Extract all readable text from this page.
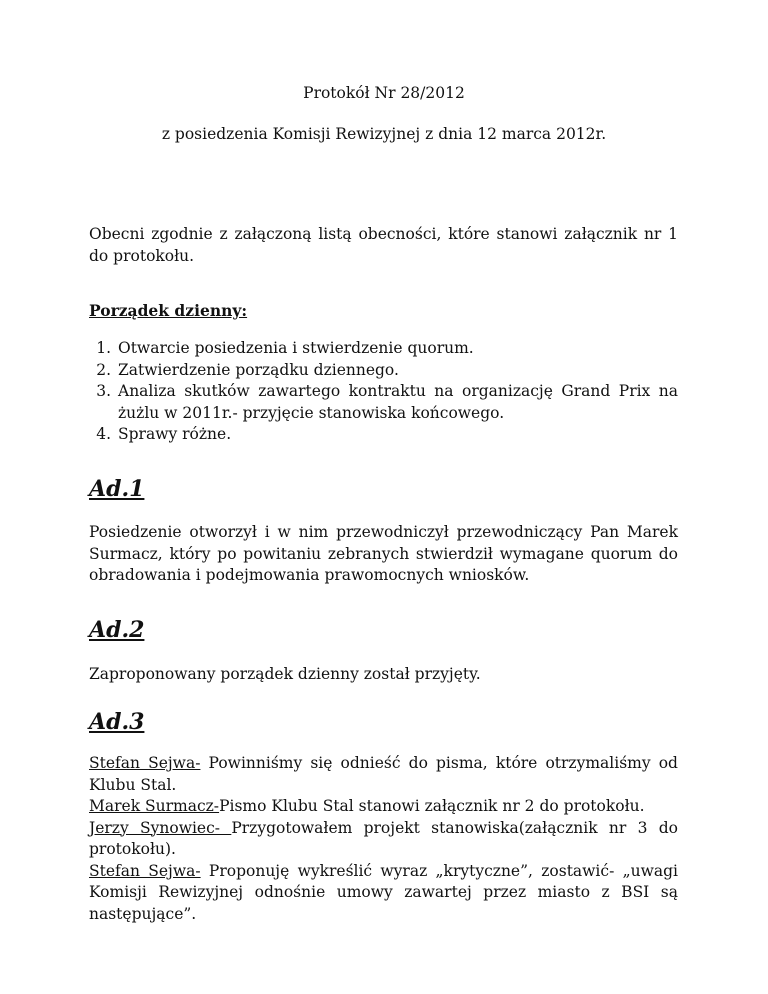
Protokół Nr 28/2012
z posiedzenia Komisji Rewizyjnej z dnia 12 marca 2012r.
Obecni zgodnie z załączoną listą obecności, które stanowi załącznik nr 1 do protokołu.
Porządek dzienny:
1. Otwarcie posiedzenia i stwierdzenie quorum.
2. Zatwierdzenie porządku dziennego.
3. Analiza skutków zawartego kontraktu na organizację Grand Prix na żużlu w 2011r.- przyjęcie stanowiska końcowego.
4. Sprawy różne.
Ad.1
Posiedzenie otworzył i w nim przewodniczył przewodniczący Pan Marek Surmacz, który po powitaniu zebranych stwierdził wymagane quorum do obradowania i podejmowania prawomocnych wniosków.
Ad.2
Zaproponowany porządek dzienny został przyjęty.
Ad.3
Stefan Sejwa- Powinniśmy się odnieść do pisma, które otrzymaliśmy od Klubu Stal.
Marek Surmacz-Pismo Klubu Stal stanowi załącznik nr 2 do protokołu.
Jerzy Synowiec- Przygotowałem projekt stanowiska(załącznik nr 3 do protokołu).
Stefan Sejwa- Proponuję wykreślić wyraz „krytyczne”, zostawić- „uwagi Komisji Rewizyjnej odnośnie umowy zawartej przez miasto z BSI są następujące”.
